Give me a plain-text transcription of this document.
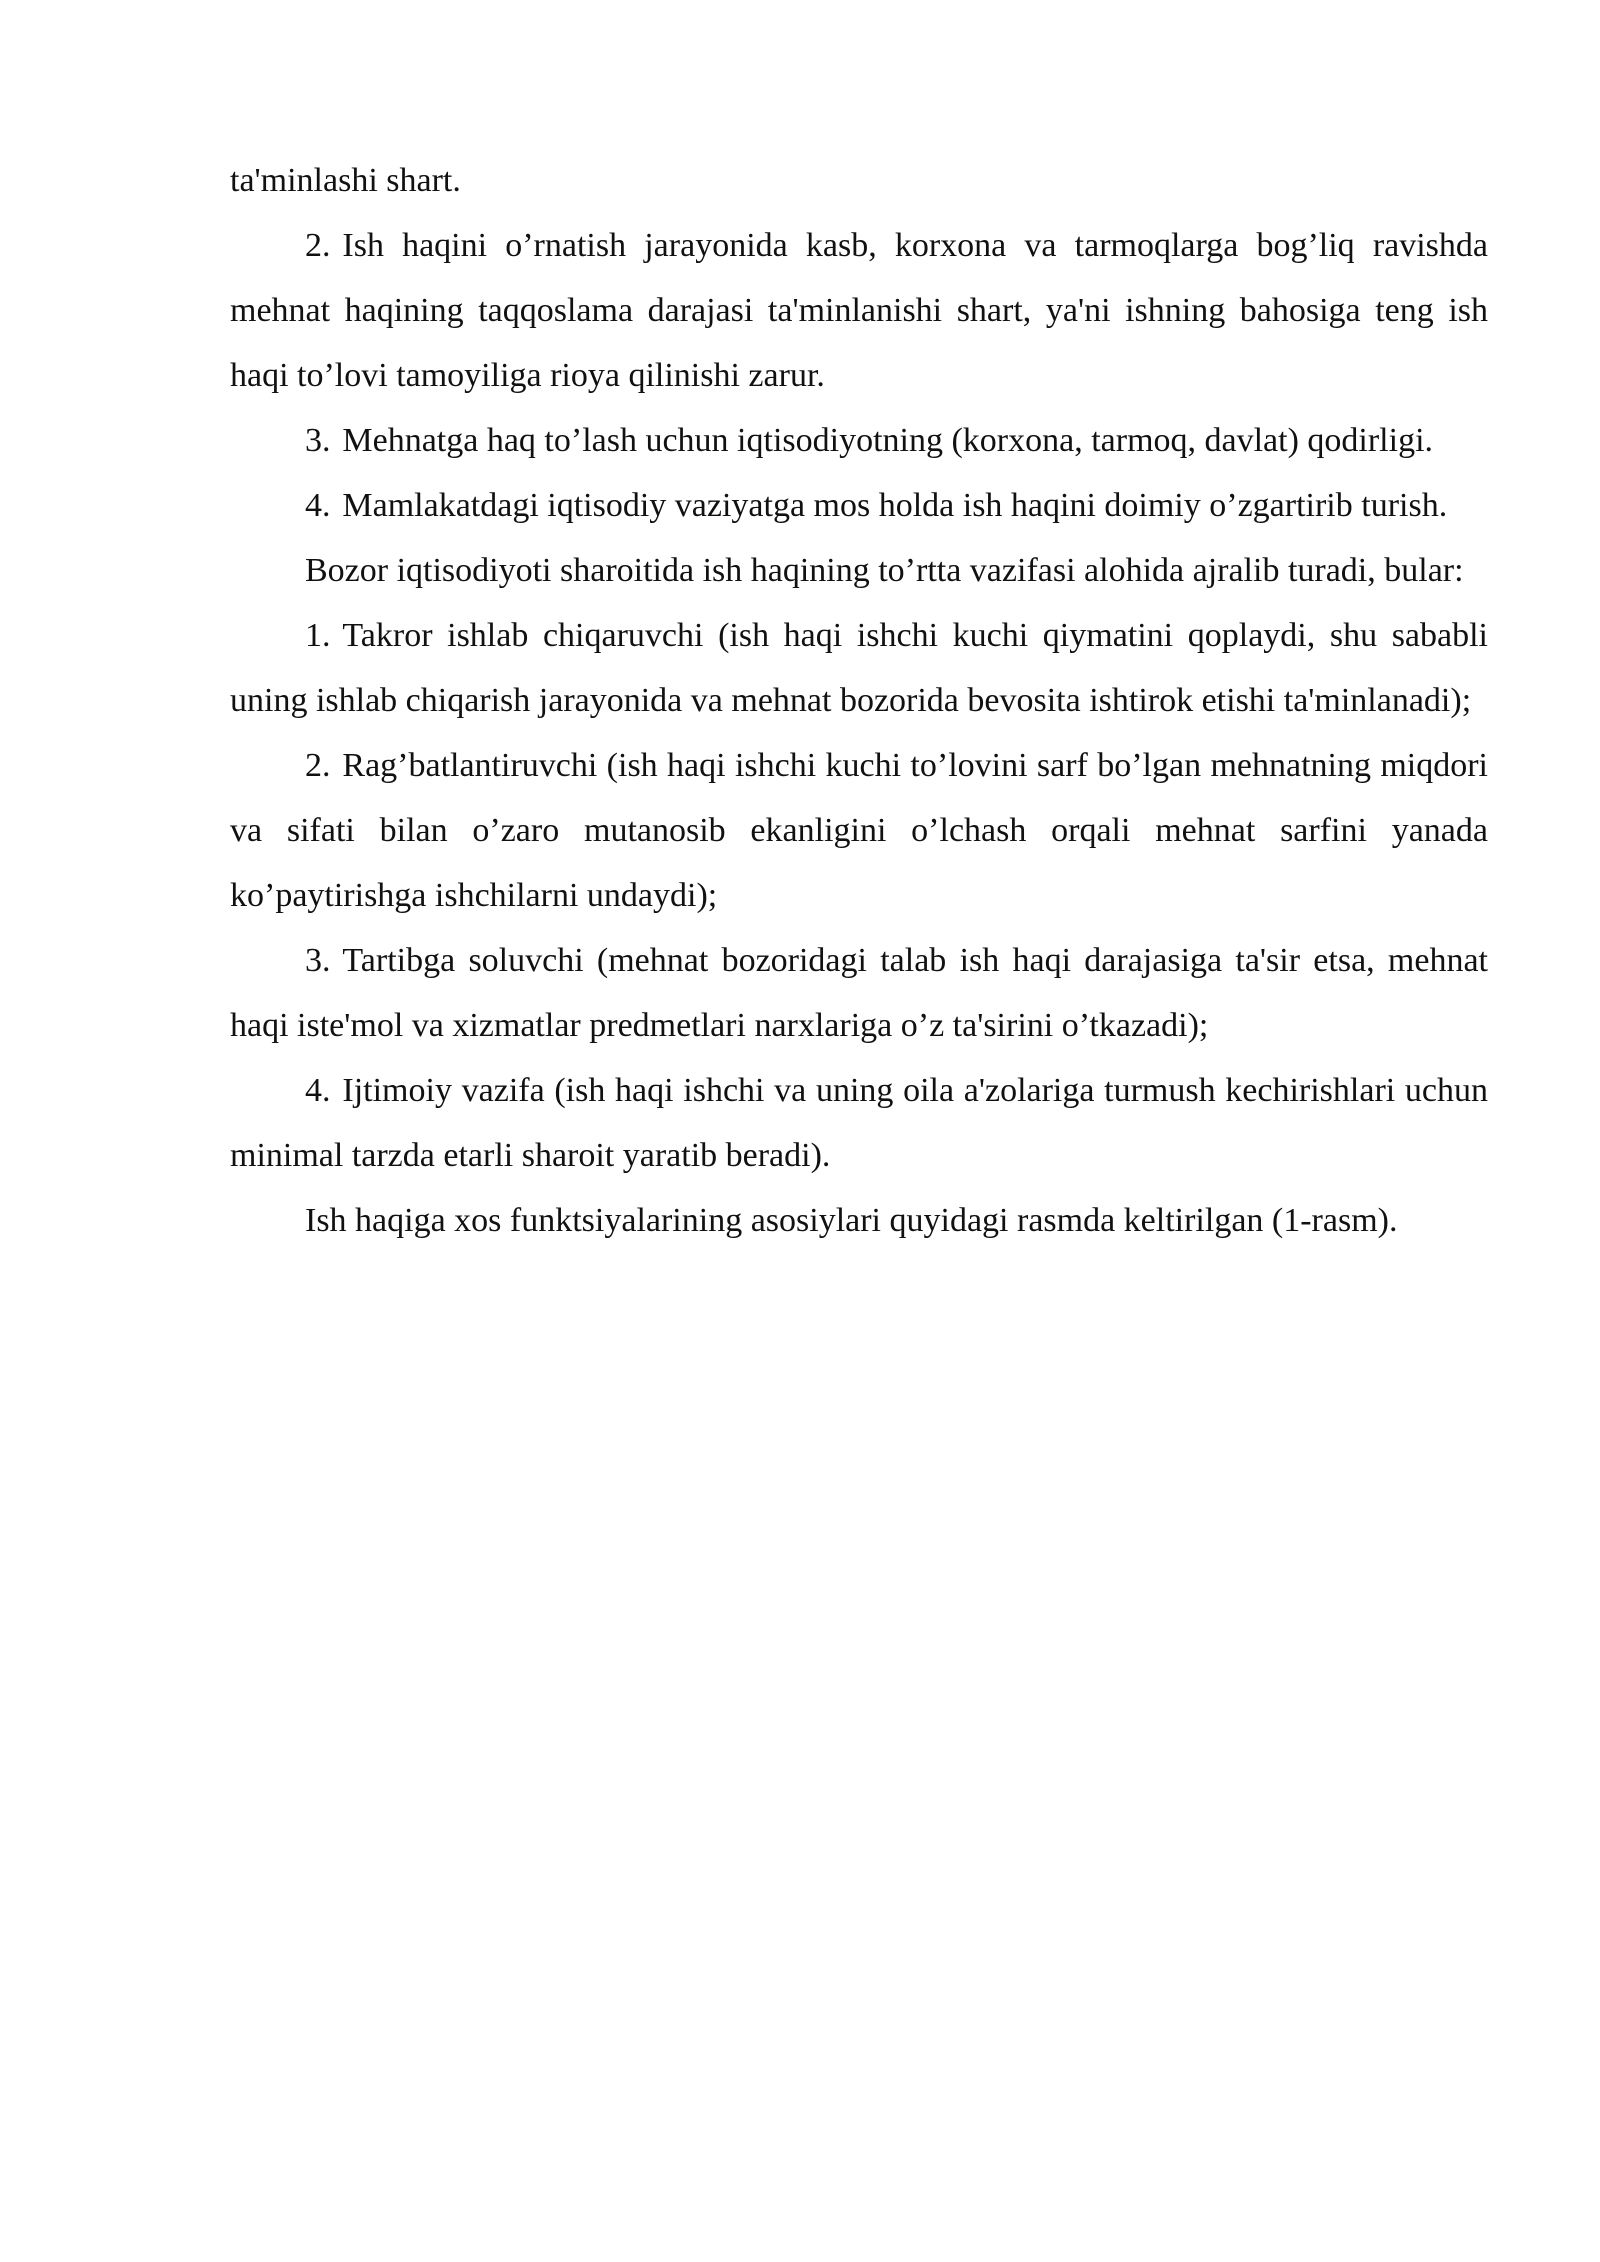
ta'minlashi shart.

2. Ish haqini o’rnatish jarayonida kasb, korxona va tarmoqlarga bog’liq ravishda mehnat haqining taqqoslama darajasi ta'minlanishi shart, ya'ni ishning bahosiga teng ish haqi to’lovi tamoyiliga rioya qilinishi zarur.

3. Mehnatga haq to’lash uchun iqtisodiyotning (korxona, tarmoq, davlat) qodirligi.

4. Mamlakatdagi iqtisodiy vaziyatga mos holda ish haqini doimiy o’zgartirib turish.

Bozor iqtisodiyoti sharoitida ish haqining to’rtta vazifasi alohida ajralib turadi, bular:

1. Takror ishlab chiqaruvchi (ish haqi ishchi kuchi qiymatini qoplaydi, shu sababli uning ishlab chiqarish jarayonida va mehnat bozorida bevosita ishtirok etishi ta'minlanadi);

2. Rag’batlantiruvchi (ish haqi ishchi kuchi to’lovini sarf bo’lgan mehnatning miqdori va sifati bilan o’zaro mutanosib ekanligini o’lchash orqali mehnat sarfini yanada ko’paytirishga ishchilarni undaydi);

3. Tartibga soluvchi (mehnat bozoridagi talab ish haqi darajasiga ta'sir etsa, mehnat haqi iste'mol va xizmatlar predmetlari narxlariga o’z ta'sirini o’tkazadi);

4. Ijtimoiy vazifa (ish haqi ishchi va uning oila a'zolariga turmush kechirishlari uchun minimal tarzda etarli sharoit yaratib beradi).

Ish haqiga xos funktsiyalarining asosiylari quyidagi rasmda keltirilgan (1-rasm).
